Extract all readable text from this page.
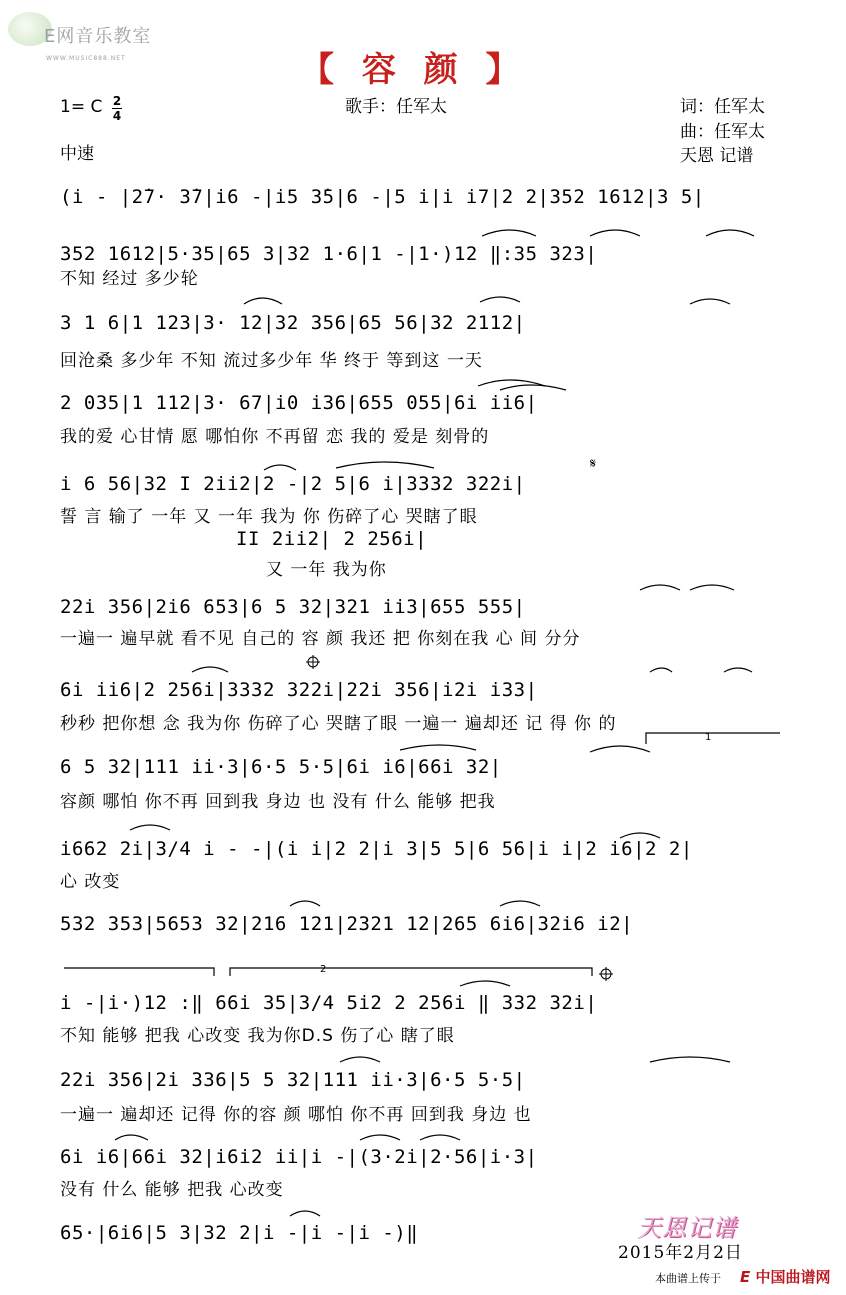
E网音乐教室
WWW.MUSIC888.NET	【 容 颜 】
1= C 2
4
中速
歌手：任军太	词：任军太
曲：任军太
天恩 记谱
(i - |2̇7· 3̇7|i6 -|i5 3̇5|6 -|5 i|i i7|2 2|352 1612|3 5|
352 1612|5·35|65 3|32 1·6|1 -|1·)12 ‖:35 323|
不知 经过 多少轮
3 1 6|1 123|3· 12|32 356|65 56|32 2112|
回沧桑 多少年 不知 流过多少年 华 终于 等到这 一天
2 035|1 112|3· 67|i0 i36|655 055|6i ii6|
我的爱 心甘情 愿 哪怕你 不再留 恋 我的 爱是 刻骨的
i 6 56|32 I 2ii2|2 -|2 5|6 i|3332 322i|
誓 言 输了 一年 又 一年 我为 你 伤碎了心 哭瞎了眼
II 2ii2| 2 256i|
又 一年 我为你
22i 356|2i6 653|6 5 32|321 ii3|655 555|
一遍一 遍早就 看不见 自己的 容 颜 我还 把 你刻在我 心 间 分分
6i ii6|2 256i|3332 322i|22i 356|i2i i33|
秒秒 把你想 念 我为你 伤碎了心 哭瞎了眼 一遍一 遍却还 记 得 你 的
6 5 32|111 ii·3|6·5 5·5|6i i6|66i 32|
容颜 哪怕 你不再 回到我 身边 也 没有 什么 能够 把我
i662 2i|3/4 i - -|(i i|2 2|i 3|5 5|6 56|i i|2 i6|2 2|
心 改变
532 353|5653 32|216 121|2321 12|265 6i6|32i6 i2|
i -|i·)12 :‖ 66i 35|3/4 5i2 2 256i ‖ 332 32i|
不知 能够 把我 心改变 我为你D.S 伤了心 瞎了眼
22i 356|2i 336|5 5 32|111 ii·3|6·5 5·5|
一遍一 遍却还 记得 你的容 颜 哪怕 你不再 回到我 身边 也
6i i6|66i 32|i6i2 ii|i -|(3·2i|2·56|i·3|
没有 什么 能够 把我 心改变
65·|6i6|5 3|32 2|i -|i -|i -)‖
1
2
𝄋
天恩记谱
2015年2月2日
本曲谱上传于 E 中国曲谱网
